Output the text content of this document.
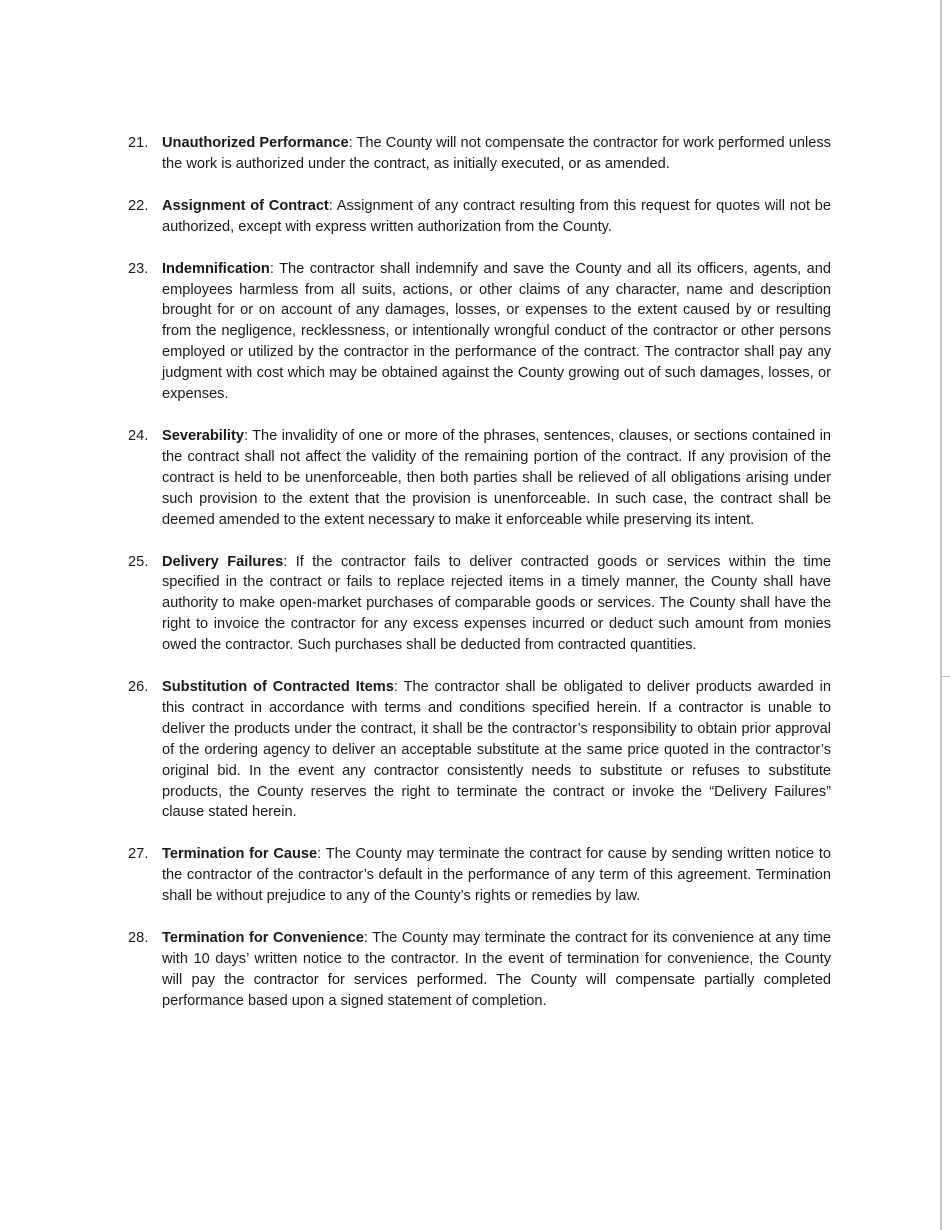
21. Unauthorized Performance: The County will not compensate the contractor for work performed unless the work is authorized under the contract, as initially executed, or as amended.
22. Assignment of Contract: Assignment of any contract resulting from this request for quotes will not be authorized, except with express written authorization from the County.
23. Indemnification: The contractor shall indemnify and save the County and all its officers, agents, and employees harmless from all suits, actions, or other claims of any character, name and description brought for or on account of any damages, losses, or expenses to the extent caused by or resulting from the negligence, recklessness, or intentionally wrongful conduct of the contractor or other persons employed or utilized by the contractor in the performance of the contract. The contractor shall pay any judgment with cost which may be obtained against the County growing out of such damages, losses, or expenses.
24. Severability: The invalidity of one or more of the phrases, sentences, clauses, or sections contained in the contract shall not affect the validity of the remaining portion of the contract. If any provision of the contract is held to be unenforceable, then both parties shall be relieved of all obligations arising under such provision to the extent that the provision is unenforceable. In such case, the contract shall be deemed amended to the extent necessary to make it enforceable while preserving its intent.
25. Delivery Failures: If the contractor fails to deliver contracted goods or services within the time specified in the contract or fails to replace rejected items in a timely manner, the County shall have authority to make open-market purchases of comparable goods or services. The County shall have the right to invoice the contractor for any excess expenses incurred or deduct such amount from monies owed the contractor. Such purchases shall be deducted from contracted quantities.
26. Substitution of Contracted Items: The contractor shall be obligated to deliver products awarded in this contract in accordance with terms and conditions specified herein. If a contractor is unable to deliver the products under the contract, it shall be the contractor’s responsibility to obtain prior approval of the ordering agency to deliver an acceptable substitute at the same price quoted in the contractor’s original bid. In the event any contractor consistently needs to substitute or refuses to substitute products, the County reserves the right to terminate the contract or invoke the “Delivery Failures” clause stated herein.
27. Termination for Cause: The County may terminate the contract for cause by sending written notice to the contractor of the contractor’s default in the performance of any term of this agreement. Termination shall be without prejudice to any of the County’s rights or remedies by law.
28. Termination for Convenience: The County may terminate the contract for its convenience at any time with 10 days’ written notice to the contractor. In the event of termination for convenience, the County will pay the contractor for services performed. The County will compensate partially completed performance based upon a signed statement of completion.
